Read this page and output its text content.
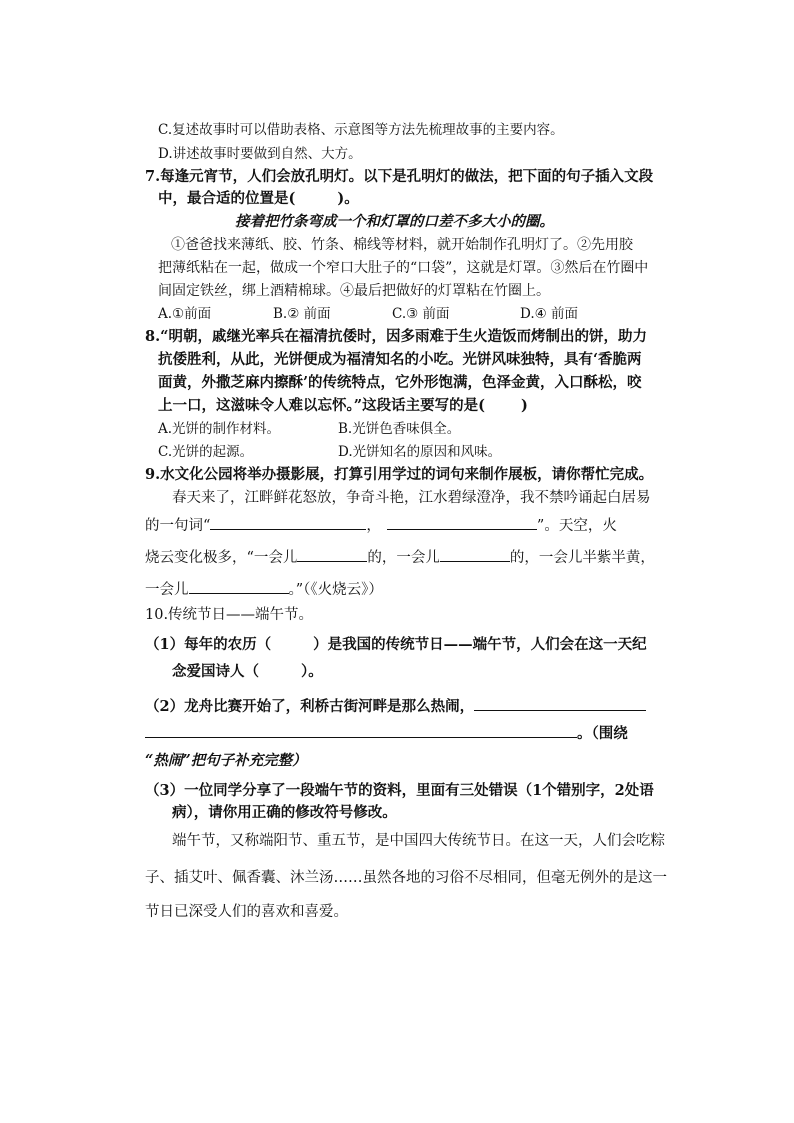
C.复述故事时可以借助表格、示意图等方法先梳理故事的主要内容。
D.讲述故事时要做到自然、大方。
7.每逢元宵节，人们会放孔明灯。以下是孔明灯的做法，把下面的句子插入文段
中，最合适的位置是(	)。
接着把竹条弯成一个和灯罩的口差不多大小的圈。
①爸爸找来薄纸、胶、竹条、棉线等材料，就开始制作孔明灯了。②先用胶
把薄纸粘在一起，做成一个窄口大肚子的“口袋”，这就是灯罩。③然后在竹圈中
间固定铁丝，绑上酒精棉球。④最后把做好的灯罩粘在竹圈上。
A.①前面	B.② 前面	C.③ 前面	D.④ 前面
8.“明朝，戚继光率兵在福清抗倭时，因多雨难于生火造饭而烤制出的饼，助力
抗倭胜利，从此，光饼便成为福清知名的小吃。光饼风味独特，具有‘香脆两
面黄，外撒芝麻内擦酥’的传统特点，它外形饱满，色泽金黄，入口酥松，咬
上一口，这滋味令人难以忘怀。”这段话主要写的是( )
A.光饼的制作材料。	B.光饼色香味俱全。
C.光饼的起源。	D.光饼知名的原因和风味。
9.水文化公园将举办摄影展，打算引用学过的词句来制作展板，请你帮忙完成。
春天来了，江畔鲜花怒放，争奇斗艳，江水碧绿澄净，我不禁吟诵起白居易
的一句词“	，	”。天空，火
烧云变化极多，“一会儿	的，一会儿	的，一会儿半紫半黄，
一会儿	。”（《火烧云》）
10.传统节日——端午节。
（1）每年的农历（	）是我国的传统节日——端午节，人们会在这一天纪
念爱国诗人（	）。
（2）龙舟比赛开始了，利桥古街河畔是那么热闹，
。（围绕
“热闹”把句子补充完整）
（3）一位同学分享了一段端午节的资料，里面有三处错误（1个错别字，2处语
病），请你用正确的修改符号修改。
端午节，又称端阳节、重五节，是中国四大传统节日。在这一天，人们会吃粽
子、插艾叶、佩香囊、沐兰汤……虽然各地的习俗不尽相同，但毫无例外的是这一
节日已深受人们的喜欢和喜爱。
